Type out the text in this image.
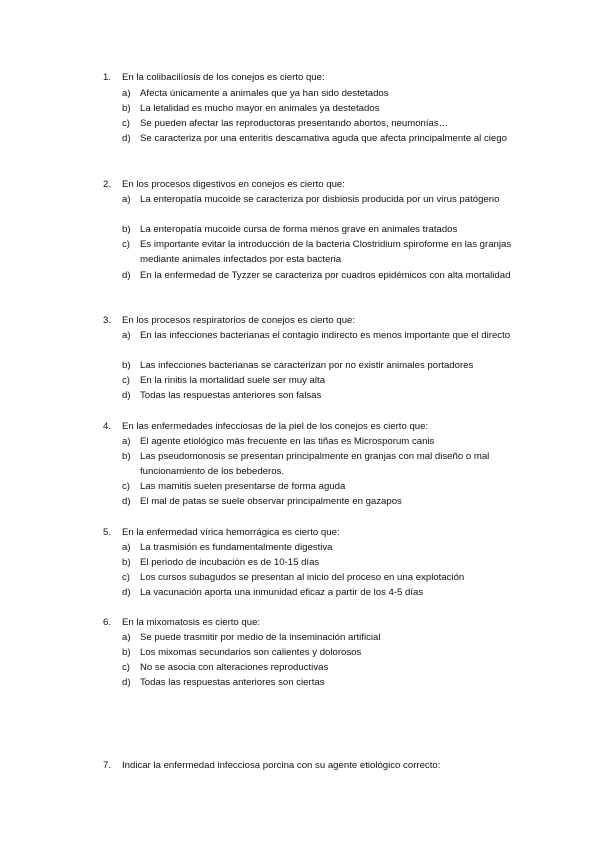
1. En la colibacilíosis de los conejos es cierto que:
a) Afecta únicamente a animales que ya han sido destetados
b) La letalidad es mucho mayor en animales ya destetados
c)	Se pueden afectar las reproductoras presentando abortos, neumonías…
d) Se caracteriza por una enteritis descamativa aguda que afecta principalmente al ciego
2. En los procesos digestivos en conejos es cierto que:
a) La enteropatía mucoide se caracteriza por disbiosis producida por un virus patógeno
b) La enteropatía mucoide cursa de forma menos grave en animales tratados
c)	Es importante evitar la introducción de la bacteria Clostridium spiroforme en las granjas mediante animales infectados por esta bacteria
d) En la enfermedad de Tyzzer se caracteriza por cuadros epidémicos con alta mortalidad
3. En los procesos respiratorios de conejos es cierto que:
a) En las infecciones bacterianas el contagio indirecto es menos importante que el directo
b) Las infecciones bacterianas se caracterizan por no existir animales portadores
c)	En la rinitis la mortalidad suele ser muy alta
d) Todas las respuestas anteriores son falsas
4. En las enfermedades infecciosas de la piel de los conejos es cierto que:
a) El agente etiológico más frecuente en las tiñas es Microsporum canis
b) Las pseudomonosis se presentan principalmente en granjas con mal diseño o mal funcionamiento de los bebederos.
c)	Las mamitis suelen presentarse de forma aguda
d) El mal de patas se suele observar principalmente en gazapos
5. En la enfermedad vírica hemorrágica es cierto que:
a) La trasmisión es fundamentalmente digestiva
b) El periodo de incubación es de 10-15 días
c)	Los cursos subagudos se presentan al inicio del proceso en una explotación
d) La vacunación aporta una inmunidad eficaz a partir de los 4-5 días
6. En la mixomatosis es cierto que:
a) Se puede trasmitir por medio de la inseminación artificial
b) Los mixomas secundarios son calientes y dolorosos
c)	No se asocia con alteraciones reproductivas
d) Todas las respuestas anteriores son ciertas
7. Indicar la enfermedad infecciosa porcina con su agente etiológico correcto:
